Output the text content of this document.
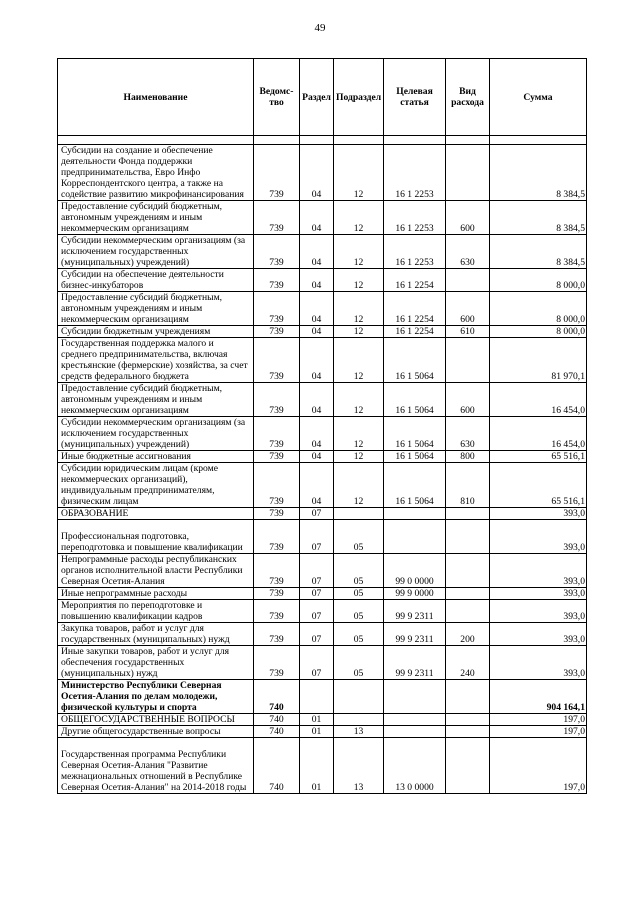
49
Наименование	Ведомс-тво	Раздел	Подраздел	Целевая статья	Вид расхода	Сумма

Субсидии на создание и обеспечение деятельности Фонда поддержки предпринимательства, Евро Инфо Корреспондентского центра, а также на содействие развитию микрофинансирования	739	04	12	16 1 2253		8 384,5
Предоставление субсидий бюджетным, автономным учреждениям и иным некоммерческим организациям	739	04	12	16 1 2253	600	8 384,5
Субсидии некоммерческим организациям (за исключением государственных (муниципальных) учреждений)	739	04	12	16 1 2253	630	8 384,5
Субсидии на обеспечение деятельности бизнес-инкубаторов	739	04	12	16 1 2254		8 000,0
Предоставление субсидий бюджетным, автономным учреждениям и иным некоммерческим организациям	739	04	12	16 1 2254	600	8 000,0
Субсидии бюджетным учреждениям	739	04	12	16 1 2254	610	8 000,0
Государственная поддержка малого и среднего предпринимательства, включая крестьянские (фермерские) хозяйства, за счет средств федерального бюджета	739	04	12	16 1 5064		81 970,1
Предоставление субсидий бюджетным, автономным учреждениям и иным некоммерческим организациям	739	04	12	16 1 5064	600	16 454,0
Субсидии некоммерческим организациям (за исключением государственных (муниципальных) учреждений)	739	04	12	16 1 5064	630	16 454,0
Иные бюджетные ассигнования	739	04	12	16 1 5064	800	65 516,1
Субсидии юридическим лицам (кроме некоммерческих организаций), индивидуальным предпринимателям, физическим лицам	739	04	12	16 1 5064	810	65 516,1
ОБРАЗОВАНИЕ	739	07				393,0
Профессиональная подготовка, переподготовка и повышение квалификации	739	07	05			393,0
Непрограммные расходы республиканских органов исполнительной власти Республики Северная Осетия-Алания	739	07	05	99 0 0000		393,0
Иные непрограммные расходы	739	07	05	99 9 0000		393,0
Мероприятия по переподготовке и повышению квалификации кадров	739	07	05	99 9 2311		393,0
Закупка товаров, работ и услуг для государственных (муниципальных) нужд	739	07	05	99 9 2311	200	393,0
Иные закупки товаров, работ и услуг для обеспечения государственных (муниципальных) нужд	739	07	05	99 9 2311	240	393,0
Министерство Республики Северная Осетия-Алания по делам молодежи, физической культуры и спорта	740					904 164,1
ОБЩЕГОСУДАРСТВЕННЫЕ ВОПРОСЫ	740	01				197,0
Другие общегосударственные вопросы	740	01	13			197,0
Государственная программа Республики Северная Осетия-Алания "Развитие межнациональных отношений в Республике Северная Осетия-Алания" на 2014-2018 годы	740	01	13	13 0 0000		197,0
